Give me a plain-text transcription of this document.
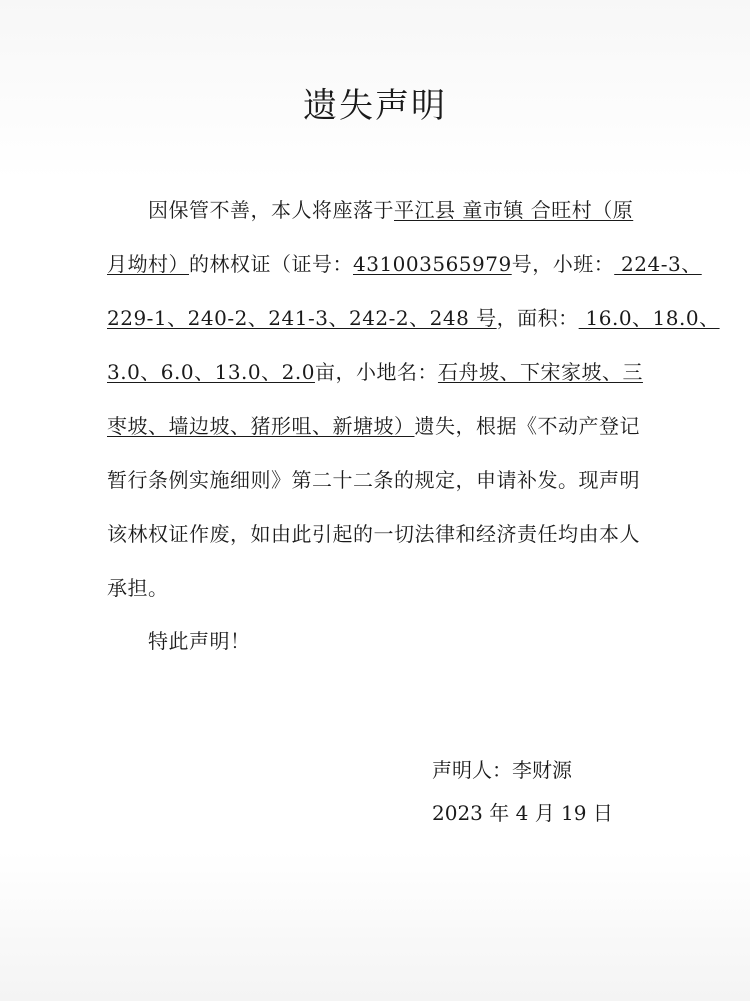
遗失声明
因保管不善，本人将座落于平江县 童市镇 合旺村（原
月坳村）的林权证（证号：431003565979号，小班： 224-3、
229-1、240-2、241-3、242-2、248 号，面积： 16.0、18.0、
3.0、6.0、13.0、2.0亩，小地名：石舟坡、下宋家坡、三
枣坡、墙边坡、猪形咀、新塘坡）遗失，根据《不动产登记
暂行条例实施细则》第二十二条的规定，申请补发。现声明
该林权证作废，如由此引起的一切法律和经济责任均由本人
承担。
特此声明！
声明人：李财源
2023 年 4 月 19 日
